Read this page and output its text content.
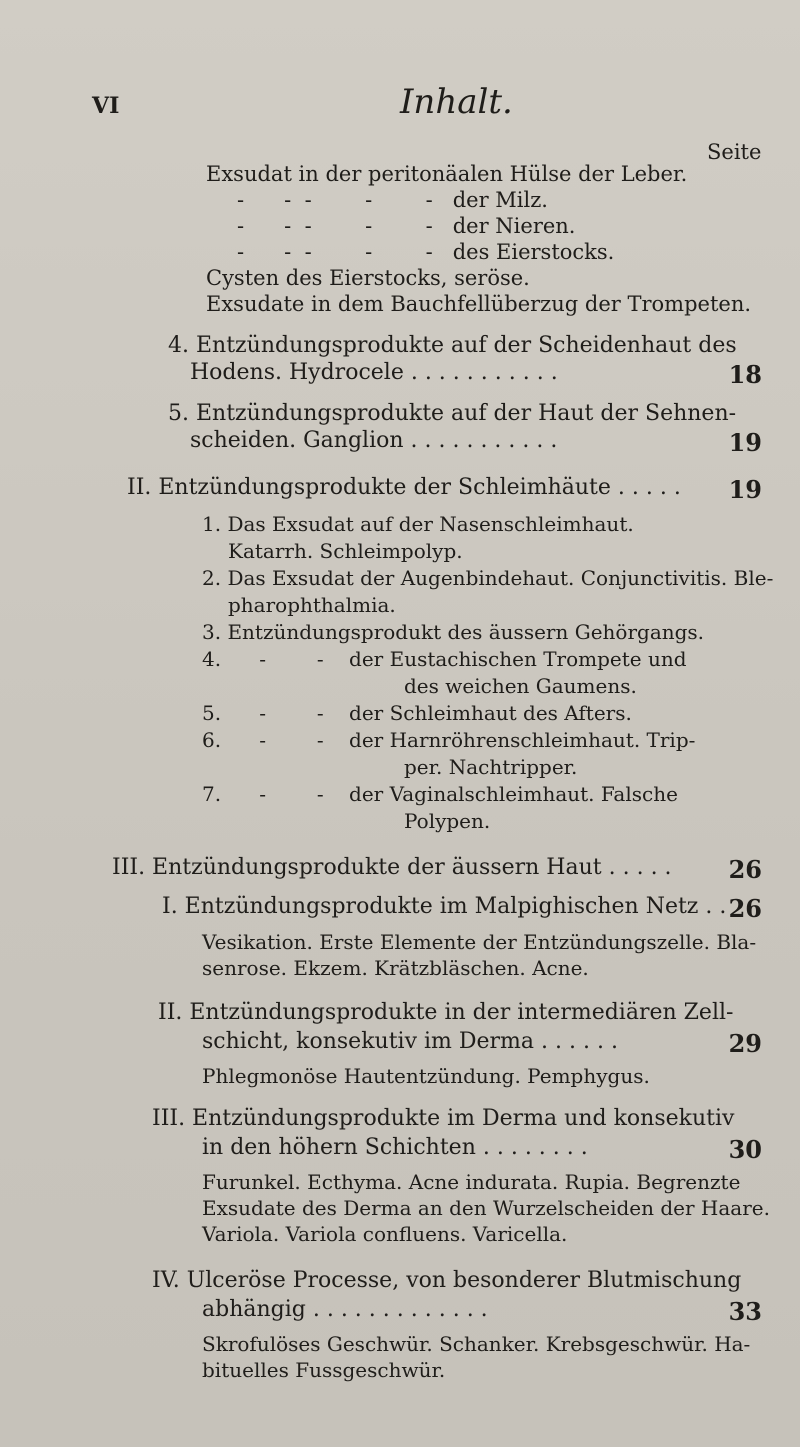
VI	Inhalt.
Seite
Exsudat in der peritonäalen Hülse der Leber.
-      -  -        -        -   der Milz.
-      -  -        -        -   der Nieren.
-      -  -        -        -   des Eierstocks.
Cysten des Eierstocks, seröse.
Exsudate in dem Bauchfellüberzug der Trompeten.
4. Entzündungsprodukte auf der Scheidenhaut des
Hodens. Hydrocele . . . . . . . . . . .	18
5. Entzündungsprodukte auf der Haut der Sehnen-
scheiden. Ganglion . . . . . . . . . . .	19
II. Entzündungsprodukte der Schleimhäute . . . . . 19
1. Das Exsudat auf der Nasenschleimhaut.
Katarrh. Schleimpolyp.
2. Das Exsudat der Augenbindehaut. Conjunctivitis. Ble-
pharophthalmia.
3. Entzündungsprodukt des äussern Gehörgangs.
4.      -        -    der Eustachischen Trompete und
des weichen Gaumens.
5.      -        -    der Schleimhaut des Afters.
6.      -        -    der Harnröhrenschleimhaut. Trip-
per. Nachtripper.
7.      -        -    der Vaginalschleimhaut. Falsche
Polypen.
III. Entzündungsprodukte der äussern Haut . . . . . 26
I. Entzündungsprodukte im Malpighischen Netz . . 26
Vesikation. Erste Elemente der Entzündungszelle. Bla-
senrose. Ekzem. Krätzbläschen. Acne.
II. Entzündungsprodukte in der intermediären Zell-
schicht, konsekutiv im Derma . . . . . .	29
Phlegmonöse Hautentzündung. Pemphygus.
III. Entzündungsprodukte im Derma und konsekutiv
in den höhern Schichten . . . . . . . .	30
Furunkel. Ecthyma. Acne indurata. Rupia. Begrenzte
Exsudate des Derma an den Wurzelscheiden der Haare.
Variola. Variola confluens. Varicella.
IV. Ulceröse Processe, von besonderer Blutmischung
abhängig . . . . . . . . . . . . .	33
Skrofulöses Geschwür. Schanker. Krebsgeschwür. Ha-
bituelles Fussgeschwür.
